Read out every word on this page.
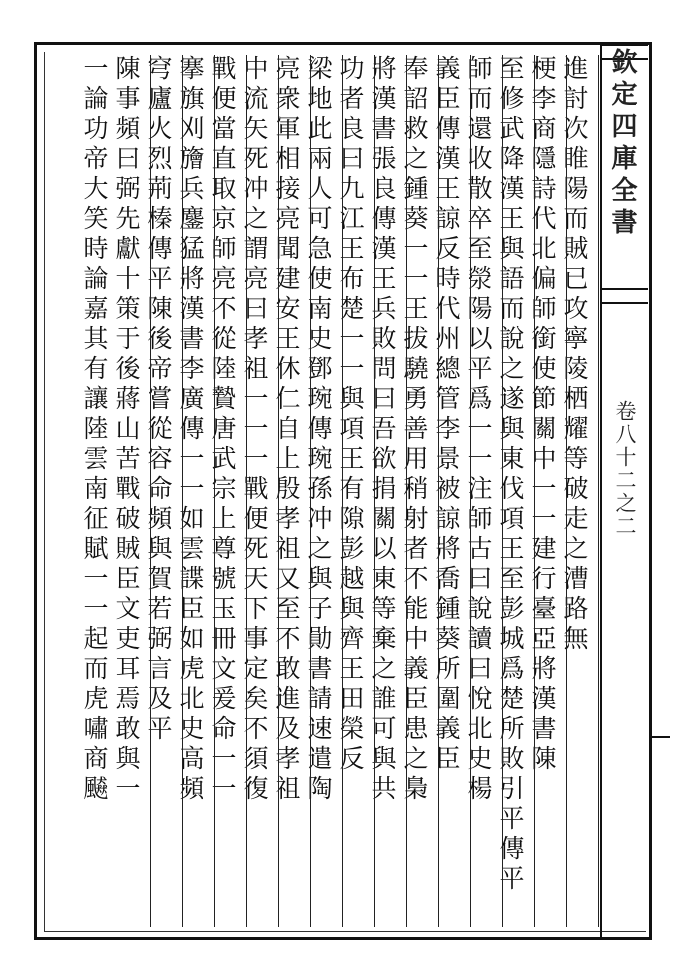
欽定四庫全書
卷八十二之二
進討次睢陽而賊已攻寧陵栖耀等破走之漕路無
梗李商隱詩代北偏師銜使節關中一一建行臺亞將漢書陳
至修武降漢王與語而說之遂與東伐項王至彭城爲楚所敗引平傳平
師而還收散卒至滎陽以平爲一一注師古曰說讀曰悅北史楊
義臣傳漢王諒反時代州總管李景被諒將喬鍾葵所圍義臣
奉詔救之鍾葵一一王拔驍勇善用稍射者不能中義臣患之梟
將漢書張良傳漢王兵敗問曰吾欲捐關以東等棄之誰可與共
功者良曰九江王布楚一一與項王有隙彭越與齊王田榮反
梁地此兩人可急使南史鄧琬傳琬孫冲之與子勛書請速遣陶
亮衆軍相接亮聞建安王休仁自上殷孝祖又至不敢進及孝祖
中流矢死冲之謂亮曰孝祖一一一戰便死天下事定矣不須復
戰便當直取京師亮不從陸贄唐武宗上尊號玉冊文爰命一一
搴旗刈旝兵鏖猛將漢書李廣傳一一如雲諜臣如虎北史高頻
穹廬火烈荊榛傳平陳後帝嘗從容命頻與賀若弼言及平
陳事頻曰弼先獻十策于後蔣山苦戰破賊臣文吏耳焉敢與一
一論功帝大笑時論嘉其有讓陸雲南征賦一一起而虎嘯商飇
